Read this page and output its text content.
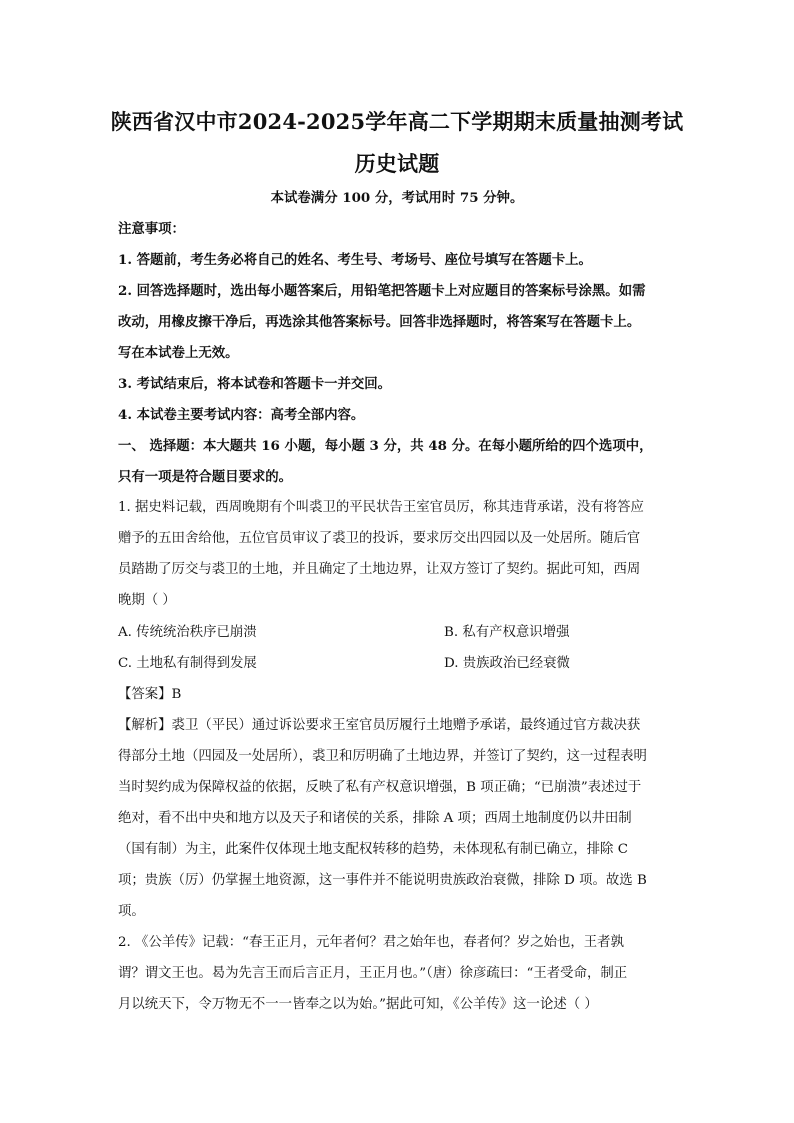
陕西省汉中市2024-2025学年高二下学期期末质量抽测考试
历史试题
本试卷满分 100 分，考试用时 75 分钟。
注意事项：
1. 答题前，考生务必将自己的姓名、考生号、考场号、座位号填写在答题卡上。
2. 回答选择题时，选出每小题答案后，用铅笔把答题卡上对应题目的答案标号涂黑。如需
改动，用橡皮擦干净后，再选涂其他答案标号。回答非选择题时，将答案写在答题卡上。
写在本试卷上无效。
3. 考试结束后，将本试卷和答题卡一并交回。
4. 本试卷主要考试内容：高考全部内容。
一、 选择题：本大题共 16 小题，每小题 3 分，共 48 分。在每小题所给的四个选项中，
只有一项是符合题目要求的。
1. 据史料记载，西周晚期有个叫裘卫的平民状告王室官员厉，称其违背承诺，没有将答应
赠予的五田舍给他，五位官员审议了裘卫的投诉，要求厉交出四园以及一处居所。随后官
员踏勘了厉交与裘卫的土地，并且确定了土地边界，让双方签订了契约。据此可知，西周
晚期（ ）
A. 传统统治秩序已崩溃	B. 私有产权意识增强
C. 土地私有制得到发展	D. 贵族政治已经衰微
【答案】B
【解析】裘卫（平民）通过诉讼要求王室官员厉履行土地赠予承诺，最终通过官方裁决获
得部分土地（四园及一处居所），裘卫和厉明确了土地边界，并签订了契约，这一过程表明
当时契约成为保障权益的依据，反映了私有产权意识增强，B 项正确；“已崩溃”表述过于
绝对，看不出中央和地方以及天子和诸侯的关系，排除 A 项；西周土地制度仍以井田制
（国有制）为主，此案件仅体现土地支配权转移的趋势，未体现私有制已确立，排除 C
项；贵族（厉）仍掌握土地资源，这一事件并不能说明贵族政治衰微，排除 D 项。故选 B
项。
2. 《公羊传》记载：“春王正月，元年者何？君之始年也，春者何？岁之始也，王者孰
谓？谓文王也。曷为先言王而后言正月，王正月也。”（唐）徐彦疏曰：“王者受命，制正
月以统天下，令万物无不一一皆奉之以为始。”据此可知，《公羊传》这一论述（ ）
